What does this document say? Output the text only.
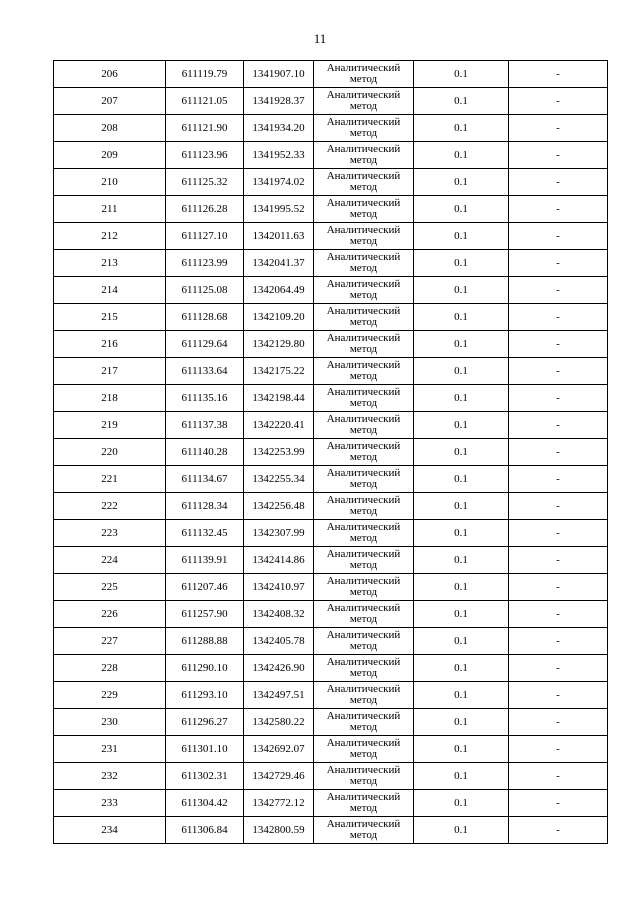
11
206	611119.79	1341907.10	Аналитический метод	0.1	-
207	611121.05	1341928.37	Аналитический метод	0.1	-
208	611121.90	1341934.20	Аналитический метод	0.1	-
209	611123.96	1341952.33	Аналитический метод	0.1	-
210	611125.32	1341974.02	Аналитический метод	0.1	-
211	611126.28	1341995.52	Аналитический метод	0.1	-
212	611127.10	1342011.63	Аналитический метод	0.1	-
213	611123.99	1342041.37	Аналитический метод	0.1	-
214	611125.08	1342064.49	Аналитический метод	0.1	-
215	611128.68	1342109.20	Аналитический метод	0.1	-
216	611129.64	1342129.80	Аналитический метод	0.1	-
217	611133.64	1342175.22	Аналитический метод	0.1	-
218	611135.16	1342198.44	Аналитический метод	0.1	-
219	611137.38	1342220.41	Аналитический метод	0.1	-
220	611140.28	1342253.99	Аналитический метод	0.1	-
221	611134.67	1342255.34	Аналитический метод	0.1	-
222	611128.34	1342256.48	Аналитический метод	0.1	-
223	611132.45	1342307.99	Аналитический метод	0.1	-
224	611139.91	1342414.86	Аналитический метод	0.1	-
225	611207.46	1342410.97	Аналитический метод	0.1	-
226	611257.90	1342408.32	Аналитический метод	0.1	-
227	611288.88	1342405.78	Аналитический метод	0.1	-
228	611290.10	1342426.90	Аналитический метод	0.1	-
229	611293.10	1342497.51	Аналитический метод	0.1	-
230	611296.27	1342580.22	Аналитический метод	0.1	-
231	611301.10	1342692.07	Аналитический метод	0.1	-
232	611302.31	1342729.46	Аналитический метод	0.1	-
233	611304.42	1342772.12	Аналитический метод	0.1	-
234	611306.84	1342800.59	Аналитический метод	0.1	-
